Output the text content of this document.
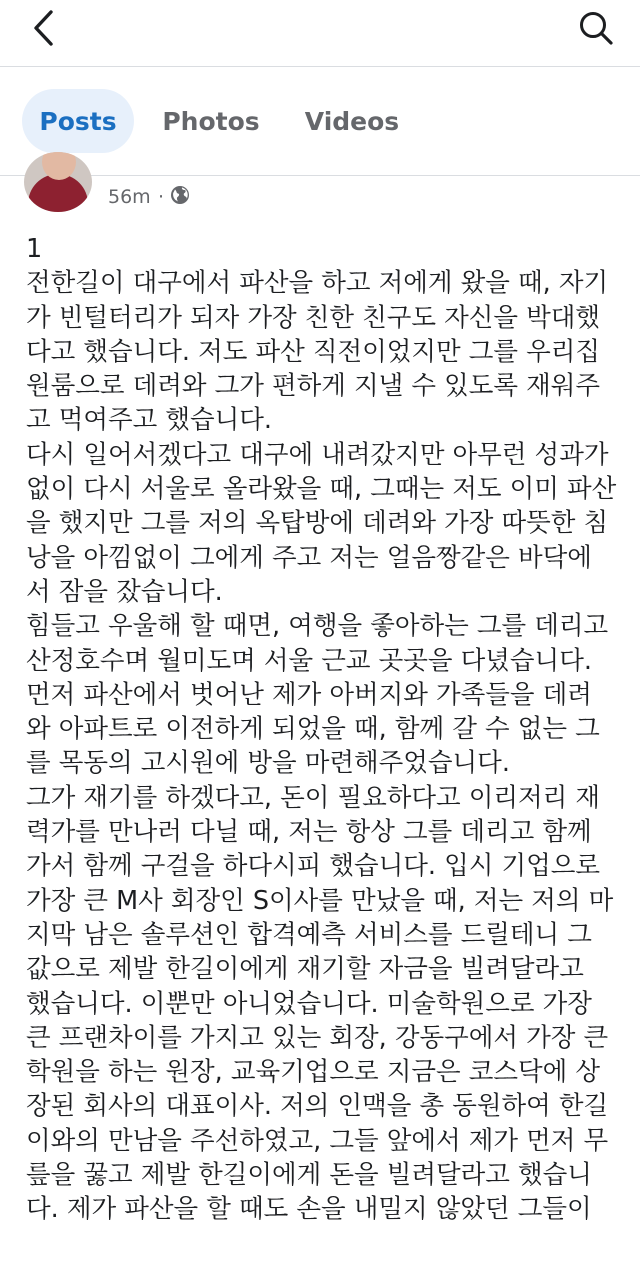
Posts	Photos	Videos
56m ·
1
전한길이 대구에서 파산을 하고 저에게 왔을 때, 자기
가 빈털터리가 되자 가장 친한 친구도 자신을 박대했
다고 했습니다. 저도 파산 직전이었지만 그를 우리집
원룸으로 데려와 그가 편하게 지낼 수 있도록 재워주
고 먹여주고 했습니다.
다시 일어서겠다고 대구에 내려갔지만 아무런 성과가
없이 다시 서울로 올라왔을 때, 그때는 저도 이미 파산
을 했지만 그를 저의 옥탑방에 데려와 가장 따뜻한 침
낭을 아낌없이 그에게 주고 저는 얼음짱같은 바닥에
서 잠을 잤습니다.
힘들고 우울해 할 때면, 여행을 좋아하는 그를 데리고
산정호수며 월미도며 서울 근교 곳곳을 다녔습니다.
먼저 파산에서 벗어난 제가 아버지와 가족들을 데려
와 아파트로 이전하게 되었을 때, 함께 갈 수 없는 그
를 목동의 고시원에 방을 마련해주었습니다.
그가 재기를 하겠다고, 돈이 필요하다고 이리저리 재
력가를 만나러 다닐 때, 저는 항상 그를 데리고 함께
가서 함께 구걸을 하다시피 했습니다. 입시 기업으로
가장 큰 M사 회장인 S이사를 만났을 때, 저는 저의 마
지막 남은 솔루션인 합격예측 서비스를 드릴테니 그
값으로 제발 한길이에게 재기할 자금을 빌려달라고
했습니다. 이뿐만 아니었습니다. 미술학원으로 가장
큰 프랜차이를 가지고 있는 회장, 강동구에서 가장 큰
학원을 하는 원장, 교육기업으로 지금은 코스닥에 상
장된 회사의 대표이사. 저의 인맥을 총 동원하여 한길
이와의 만남을 주선하였고, 그들 앞에서 제가 먼저 무
릎을 꿇고 제발 한길이에게 돈을 빌려달라고 했습니
다. 제가 파산을 할 때도 손을 내밀지 않았던 그들이
